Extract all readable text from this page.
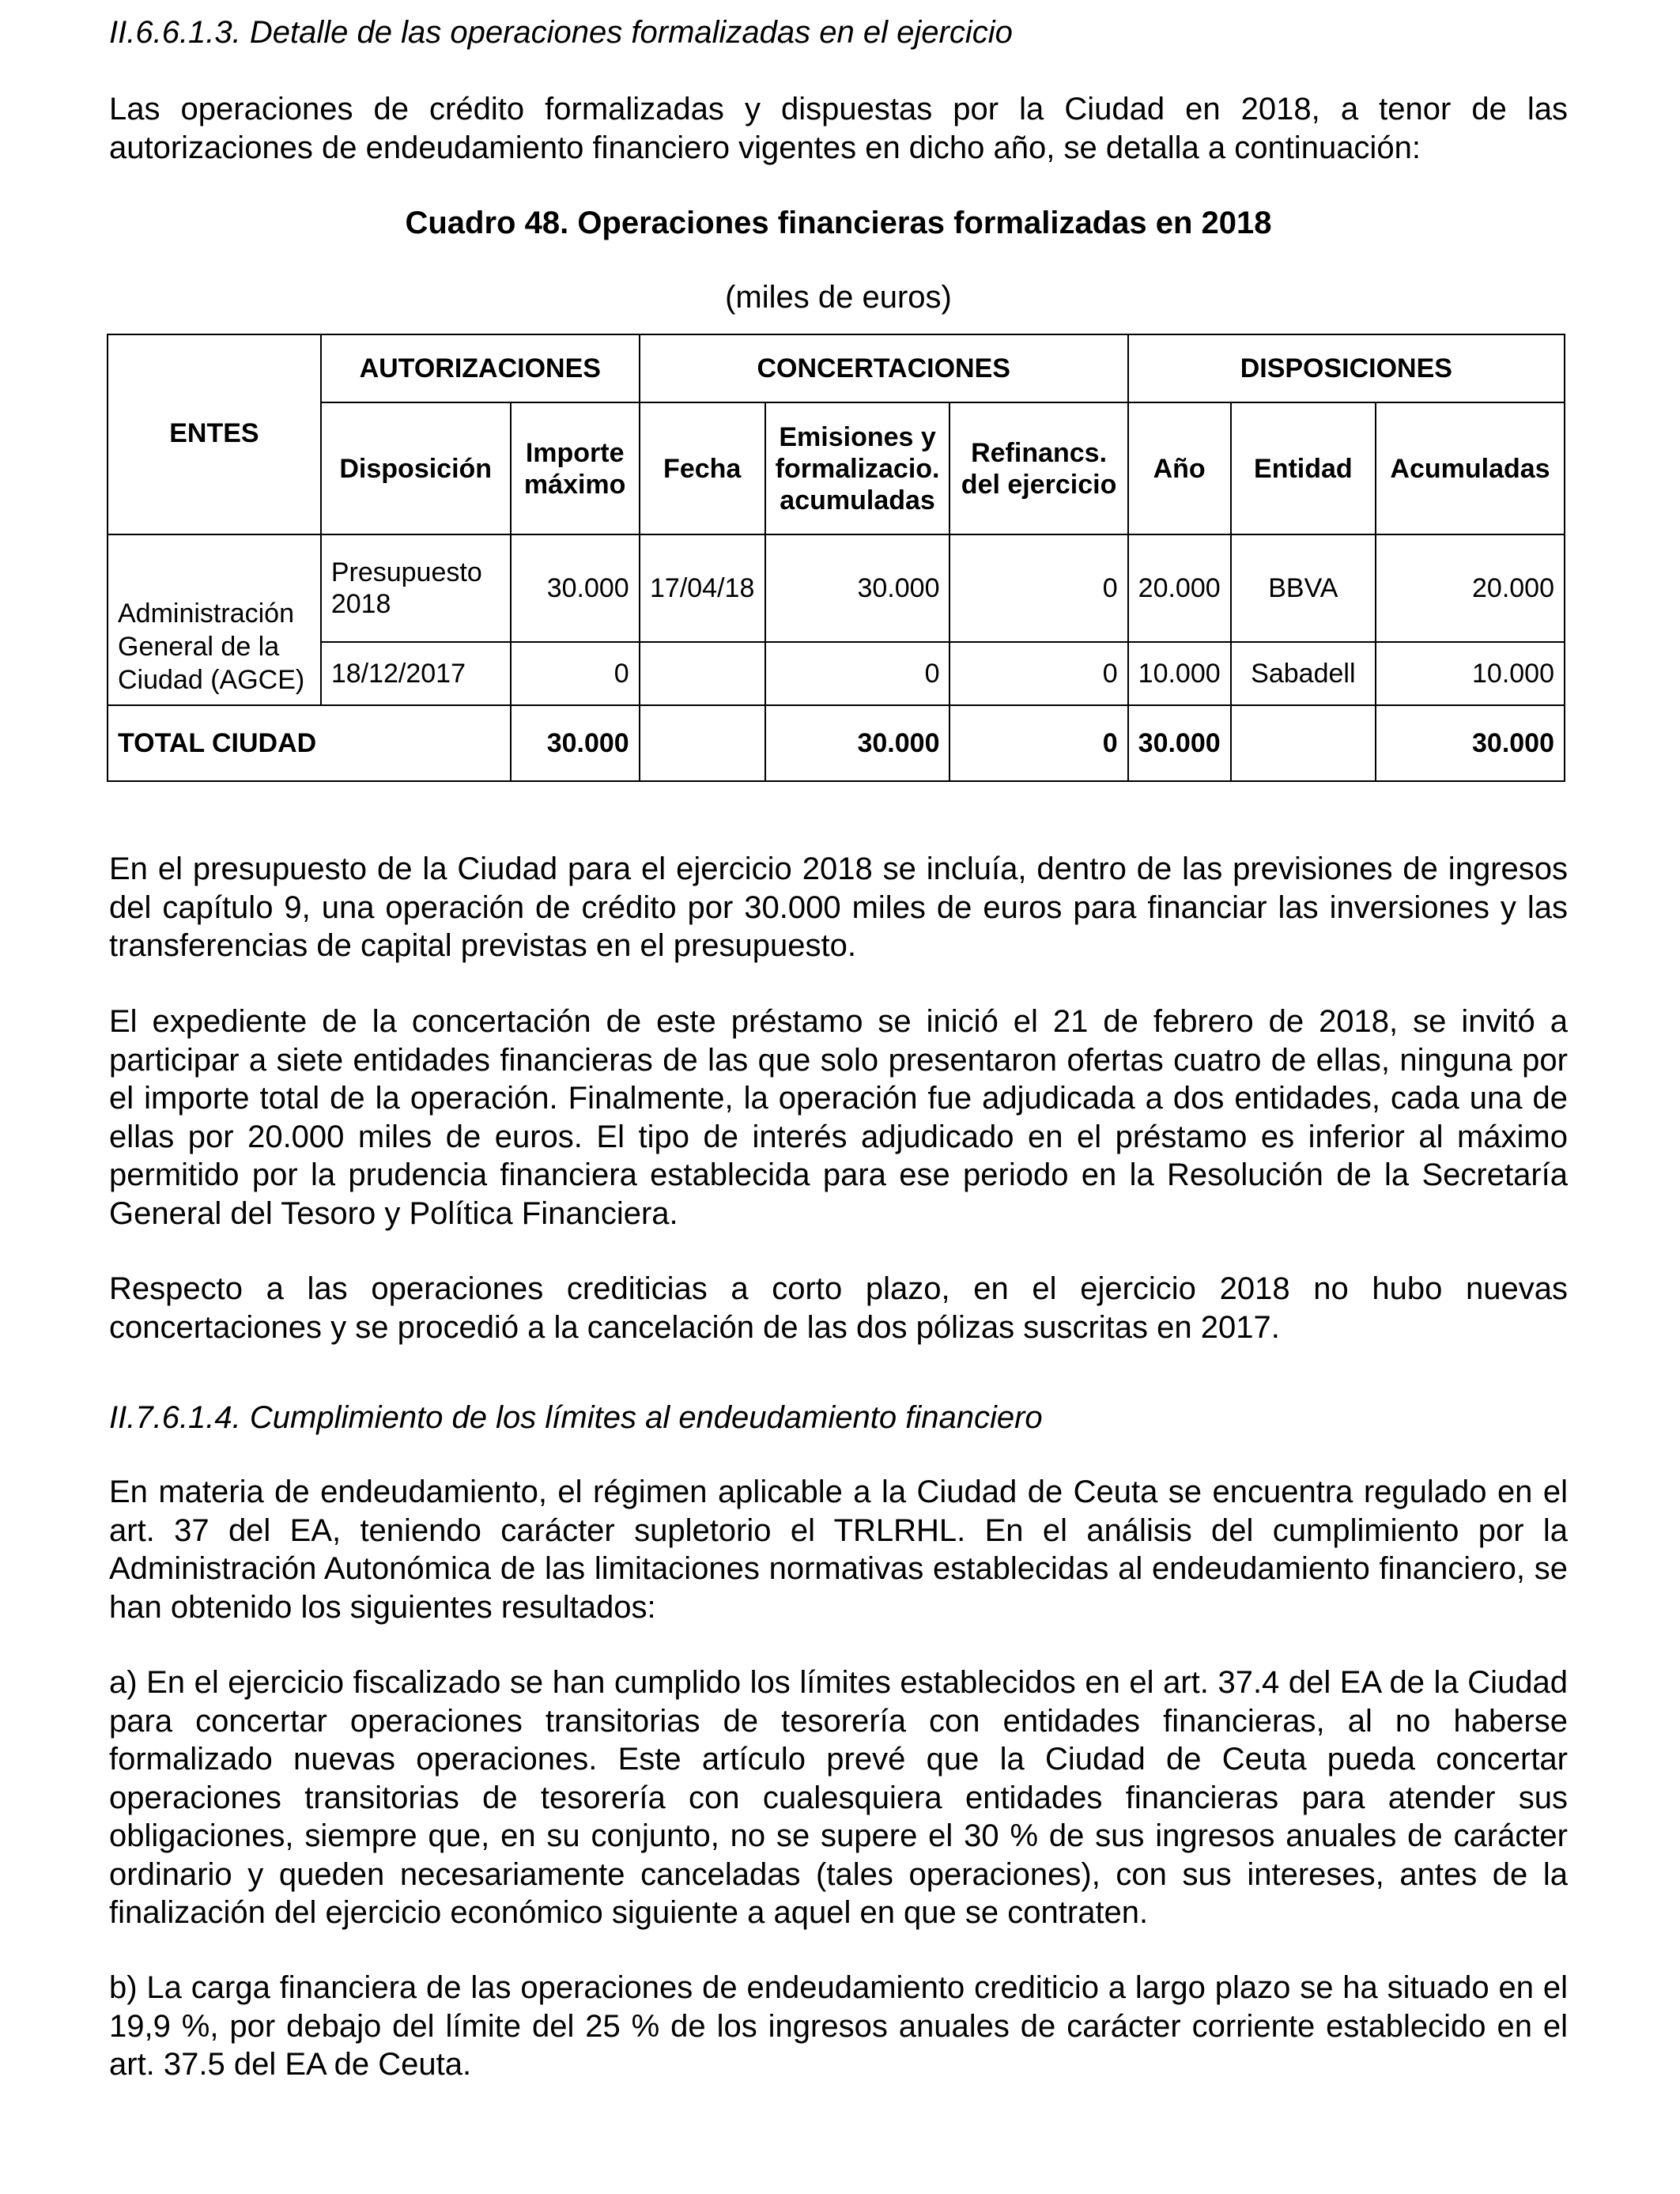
II.6.6.1.3. Detalle de las operaciones formalizadas en el ejercicio
Las operaciones de crédito formalizadas y dispuestas por la Ciudad en 2018, a tenor de las autorizaciones de endeudamiento financiero vigentes en dicho año, se detalla a continuación:
Cuadro 48. Operaciones financieras formalizadas en 2018
(miles de euros)
ENTES	AUTORIZACIONES		CONCERTACIONES			DISPOSICIONES		
	Disposición	Importe máximo	Fecha	Emisiones y formalizacio. acumuladas	Refinancs. del ejercicio	Año	Entidad	Acumuladas
Administración General de la Ciudad (AGCE)	Presupuesto 2018	30.000	17/04/18	30.000	0	20.000	BBVA	20.000
	18/12/2017	0		0	0	10.000	Sabadell	10.000
TOTAL CIUDAD		30.000		30.000	0	30.000		30.000
En el presupuesto de la Ciudad para el ejercicio 2018 se incluía, dentro de las previsiones de ingresos del capítulo 9, una operación de crédito por 30.000 miles de euros para financiar las inversiones y las transferencias de capital previstas en el presupuesto.
El expediente de la concertación de este préstamo se inició el 21 de febrero de 2018, se invitó a participar a siete entidades financieras de las que solo presentaron ofertas cuatro de ellas, ninguna por el importe total de la operación. Finalmente, la operación fue adjudicada a dos entidades, cada una de ellas por 20.000 miles de euros. El tipo de interés adjudicado en el préstamo es inferior al máximo permitido por la prudencia financiera establecida para ese periodo en la Resolución de la Secretaría General del Tesoro y Política Financiera.
Respecto a las operaciones crediticias a corto plazo, en el ejercicio 2018 no hubo nuevas concertaciones y se procedió a la cancelación de las dos pólizas suscritas en 2017.
II.7.6.1.4. Cumplimiento de los límites al endeudamiento financiero
En materia de endeudamiento, el régimen aplicable a la Ciudad de Ceuta se encuentra regulado en el art. 37 del EA, teniendo carácter supletorio el TRLRHL. En el análisis del cumplimiento por la Administración Autonómica de las limitaciones normativas establecidas al endeudamiento financiero, se han obtenido los siguientes resultados:
a) En el ejercicio fiscalizado se han cumplido los límites establecidos en el art. 37.4 del EA de la Ciudad para concertar operaciones transitorias de tesorería con entidades financieras, al no haberse formalizado nuevas operaciones. Este artículo prevé que la Ciudad de Ceuta pueda concertar operaciones transitorias de tesorería con cualesquiera entidades financieras para atender sus obligaciones, siempre que, en su conjunto, no se supere el 30 % de sus ingresos anuales de carácter ordinario y queden necesariamente canceladas (tales operaciones), con sus intereses, antes de la finalización del ejercicio económico siguiente a aquel en que se contraten.
b) La carga financiera de las operaciones de endeudamiento crediticio a largo plazo se ha situado en el 19,9 %, por debajo del límite del 25 % de los ingresos anuales de carácter corriente establecido en el art. 37.5 del EA de Ceuta.
